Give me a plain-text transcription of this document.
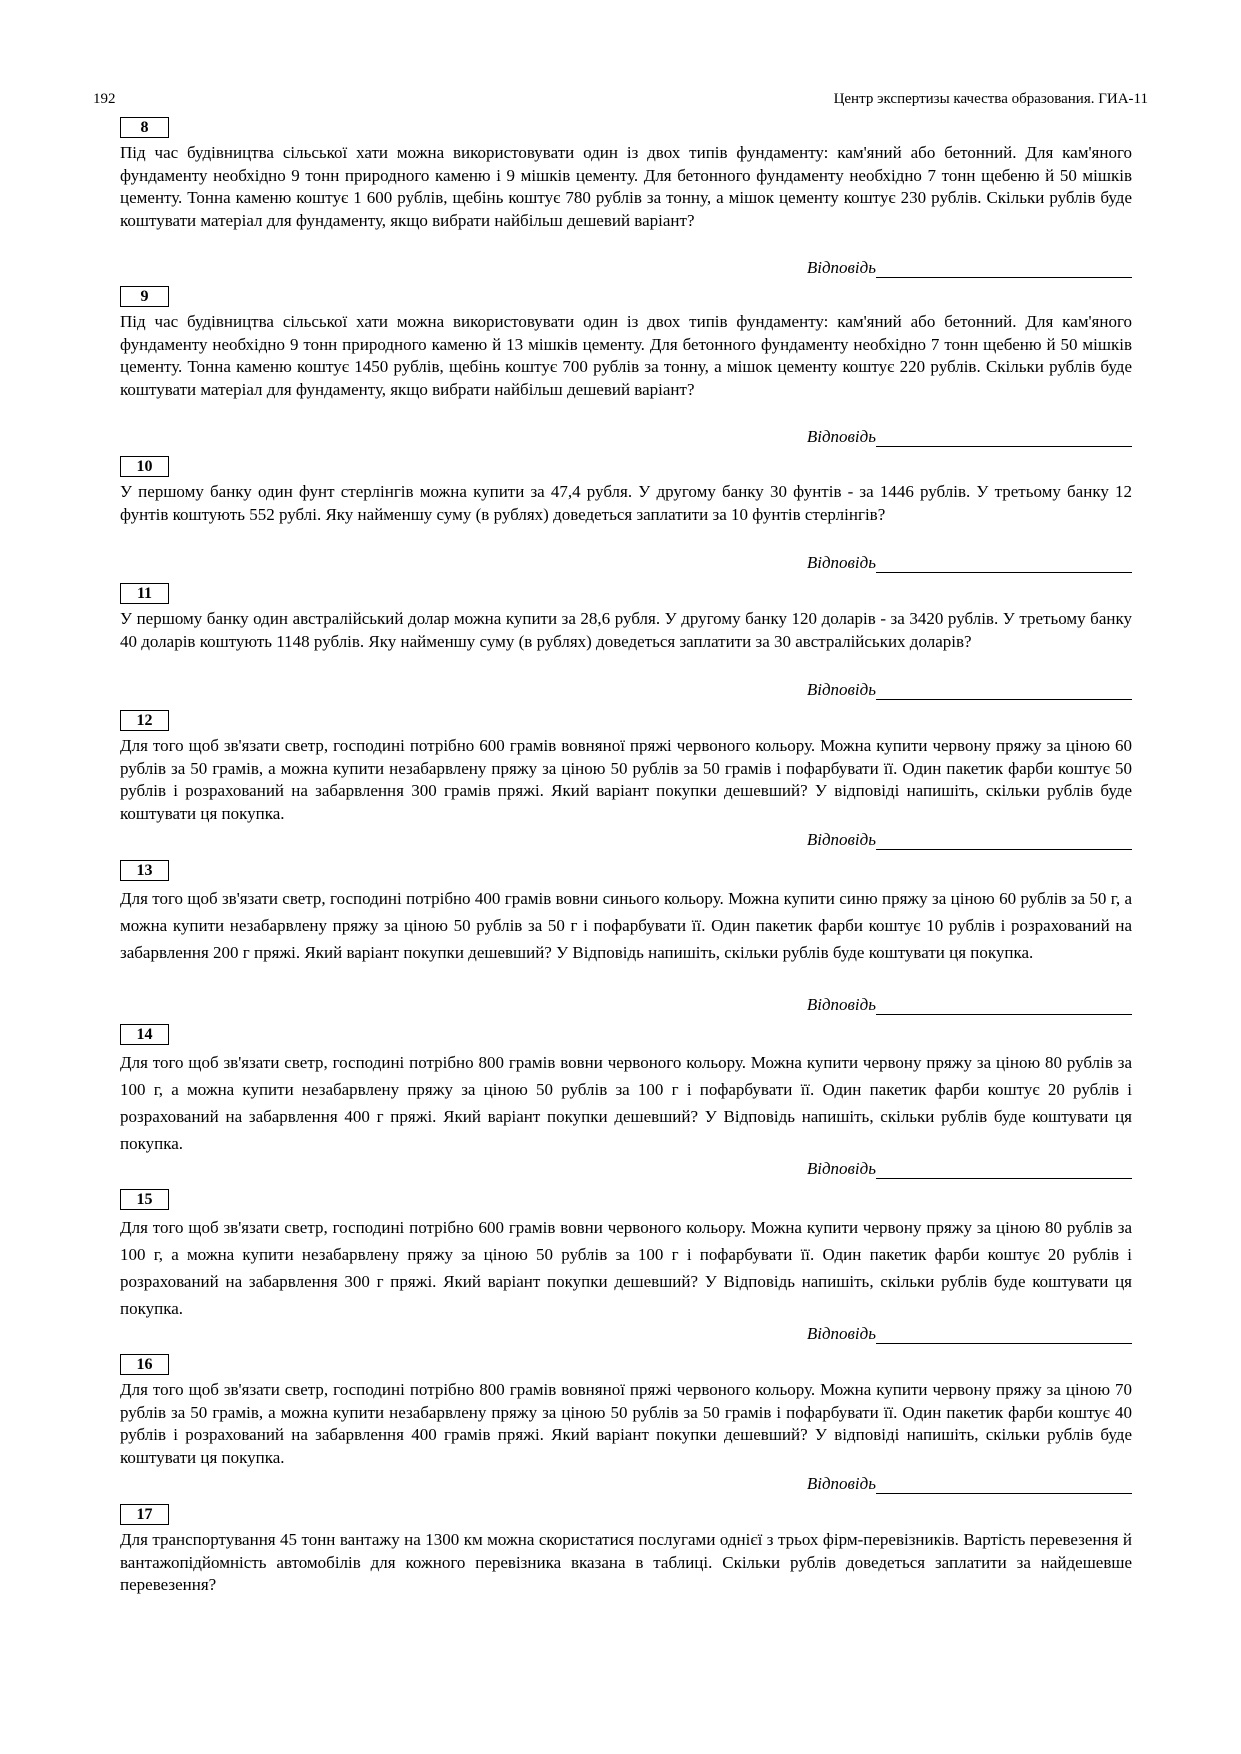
192	Центр экспертизы качества образования. ГИА-11
8

Під час будівництва сільської хати можна використовувати один із двох типів фундаменту: кам'яний або бетонний. Для кам'яного фундаменту необхідно 9 тонн природного каменю і 9 мішків цементу. Для бетонного фундаменту необхідно 7 тонн щебеню й 50 мішків цементу. Тонна каменю коштує 1 600 рублів, щебінь коштує 780 рублів за тонну, а мішок цементу коштує 230 рублів. Скільки рублів буде коштувати матеріал для фундаменту, якщо вибрати найбільш дешевий варіант?

Відповідь
9

Під час будівництва сільської хати можна використовувати один із двох типів фундаменту: кам'яний або бетонний. Для кам'яного фундаменту необхідно 9 тонн природного каменю й 13 мішків цементу. Для бетонного фундаменту необхідно 7 тонн щебеню й 50 мішків цементу. Тонна каменю коштує 1450 рублів, щебінь коштує 700 рублів за тонну, а мішок цементу коштує 220 рублів. Скільки рублів буде коштувати матеріал для фундаменту, якщо вибрати найбільш дешевий варіант?

Відповідь
10

У першому банку один фунт стерлінгів можна купити за 47,4 рубля. У другому банку 30 фунтів - за 1446 рублів. У третьому банку 12 фунтів коштують 552 рублі. Яку найменшу суму (в рублях) доведеться заплатити за 10 фунтів стерлінгів?

Відповідь
11

У першому банку один австралійський долар можна купити за 28,6 рубля. У другому банку 120 доларів - за 3420 рублів. У третьому банку 40 доларів коштують 1148 рублів. Яку найменшу суму (в рублях) доведеться заплатити за 30 австралійських доларів?

Відповідь
12

Для того щоб зв'язати светр, господині потрібно 600 грамів вовняної пряжі червоного кольору. Можна купити червону пряжу за ціною 60 рублів за 50 грамів, а можна купити незабарвлену пряжу за ціною 50 рублів за 50 грамів і пофарбувати її. Один пакетик фарби коштує 50 рублів і розрахований на забарвлення 300 грамів пряжі. Який варіант покупки дешевший? У відповіді напишіть, скільки рублів буде коштувати ця покупка.

Відповідь
13

Для того щоб зв'язати светр, господині потрібно 400 грамів вовни синього кольору. Можна купити синю пряжу за ціною 60 рублів за 50 г, а можна купити незабарвлену пряжу за ціною 50 рублів за 50 г і пофарбувати її. Один пакетик фарби коштує 10 рублів і розрахований на забарвлення 200 г пряжі. Який варіант покупки дешевший? У Відповідь напишіть, скільки рублів буде коштувати ця покупка.

Відповідь
14

Для того щоб зв'язати светр, господині потрібно 800 грамів вовни червоного кольору. Можна купити червону пряжу за ціною 80 рублів за 100 г, а можна купити незабарвлену пряжу за ціною 50 рублів за 100 г і пофарбувати її. Один пакетик фарби коштує 20 рублів і розрахований на забарвлення 400 г пряжі. Який варіант покупки дешевший? У Відповідь напишіть, скільки рублів буде коштувати ця покупка.

Відповідь
15

Для того щоб зв'язати светр, господині потрібно 600 грамів вовни червоного кольору. Можна купити червону пряжу за ціною 80 рублів за 100 г, а можна купити незабарвлену пряжу за ціною 50 рублів за 100 г і пофарбувати її. Один пакетик фарби коштує 20 рублів і розрахований на забарвлення 300 г пряжі. Який варіант покупки дешевший? У Відповідь напишіть, скільки рублів буде коштувати ця покупка.

Відповідь
16

Для того щоб зв'язати светр, господині потрібно 800 грамів вовняної пряжі червоного кольору. Можна купити червону пряжу за ціною 70 рублів за 50 грамів, а можна купити незабарвлену пряжу за ціною 50 рублів за 50 грамів і пофарбувати її. Один пакетик фарби коштує 40 рублів і розрахований на забарвлення 400 грамів пряжі. Який варіант покупки дешевший? У відповіді напишіть, скільки рублів буде коштувати ця покупка.

Відповідь
17

Для транспортування 45 тонн вантажу на 1300 км можна скористатися послугами однієї з трьох фірм-перевізників. Вартість перевезення й вантажопідйомність автомобілів для кожного перевізника вказана в таблиці. Скільки рублів доведеться заплатити за найдешевше перевезення?
